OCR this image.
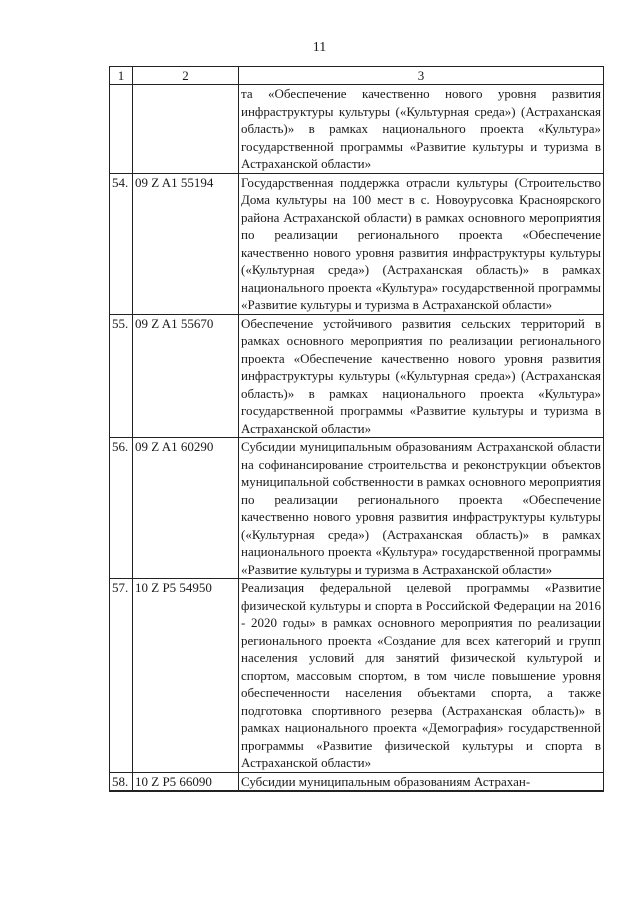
11
1	2	3
		та «Обеспечение качественно нового уровня развития инфраструктуры культуры («Культурная среда») (Астраханская область)» в рамках национального проекта «Культура» государственной программы «Развитие культуры и туризма в Астраханской области»
54.	09 Z A1 55194	Государственная поддержка отрасли культуры (Строительство Дома культуры на 100 мест в с. Новоурусовка Красноярского района Астраханской области) в рамках основного мероприятия по реализации регионального проекта «Обеспечение качественно нового уровня развития инфраструктуры культуры («Культурная среда») (Астраханская область)» в рамках национального проекта «Культура» государственной программы «Развитие культуры и туризма в Астраханской области»
55.	09 Z A1 55670	Обеспечение устойчивого развития сельских территорий в рамках основного мероприятия по реализации регионального проекта «Обеспечение качественно нового уровня развития инфраструктуры культуры («Культурная среда») (Астраханская область)» в рамках национального проекта «Культура» государственной программы «Развитие культуры и туризма в Астраханской области»
56.	09 Z A1 60290	Субсидии муниципальным образованиям Астраханской области на софинансирование строительства и реконструкции объектов муниципальной собственности в рамках основного мероприятия по реализации регионального проекта «Обеспечение качественно нового уровня развития инфраструктуры культуры («Культурная среда») (Астраханская область)» в рамках национального проекта «Культура» государственной программы «Развитие культуры и туризма в Астраханской области»
57.	10 Z P5 54950	Реализация федеральной целевой программы «Развитие физической культуры и спорта в Российской Федерации на 2016 - 2020 годы» в рамках основного мероприятия по реализации регионального проекта «Создание для всех категорий и групп населения условий для занятий физической культурой и спортом, массовым спортом, в том числе повышение уровня обеспеченности населения объектами спорта, а также подготовка спортивного резерва (Астраханская область)» в рамках национального проекта «Демография» государственной программы «Развитие физической культуры и спорта в Астраханской области»
58.	10 Z P5 66090	Субсидии муниципальным образованиям Астрахан-
